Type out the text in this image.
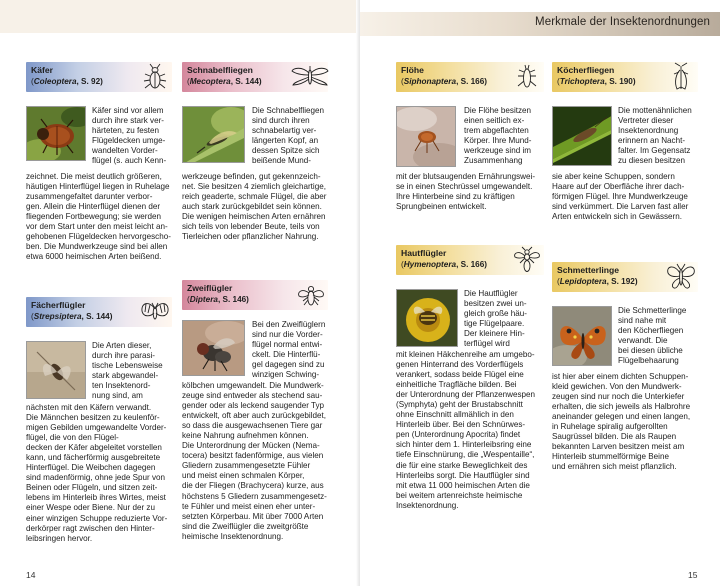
Käfer
(Coleoptera, S. 92)
Käfer sind vor allem
durch ihre stark ver-
härteten, zu festen
Flügeldecken umge-
wandelten Vorder-
flügel (s. auch Kenn-
zeichnet. Die meist deutlich größeren,
häutigen Hinterflügel liegen in Ruhelage
zusammengefaltet darunter verbor-
gen. Allein die Hinterflügel dienen der
fliegenden Fortbewegung; sie werden
vor dem Start unter den meist leicht an-
gehobenen Flügeldecken hervorgescho-
ben. Die Mundwerkzeuge sind bei allen
etwa 6000 heimischen Arten beißend.
Fächerflügler
(Strepsiptera, S. 144)
Die Arten dieser,
durch ihre parasi-
tische Lebensweise
stark abgewandel-
ten Insektenord-
nung sind, am
nächsten mit den Käfern verwandt.
Die Männchen besitzen zu keulenför-
migen Gebilden umgewandelte Vorder-
flügel, die von den Flügel-
decken der Käfer abgeleitet vorstellen
kann, und fächerförmig ausgebreitete
Hinterflügel. Die Weibchen dagegen
sind madenförmig, ohne jede Spur von
Beinen oder Flügeln, und sitzen zeit-
lebens im Hinterleib ihres Wirtes, meist
einer Wespe oder Biene. Nur der zu
einer winzigen Schuppe reduzierte Vor-
derkörper ragt zwischen den Hinter-
leibsringen hervor.
Schnabelfliegen
(Mecoptera, S. 144)
Die Schnabelfliegen
sind durch ihren
schnabelartig ver-
längerten Kopf, an
dessen Spitze sich
beißende Mund-
werkzeuge befinden, gut gekennzeich-
net. Sie besitzen 4 ziemlich gleichartige,
reich geaderte, schmale Flügel, die aber
auch stark zurückgebildet sein können.
Die wenigen heimischen Arten ernähren
sich teils von lebender Beute, teils von
Tierleichen oder pflanzlicher Nahrung.
Zweiflügler
(Diptera, S. 146)
Bei den Zweiflüglern
sind nur die Vorder-
flügel normal entwi-
ckelt. Die Hinterflü-
gel dagegen sind zu
winzigen Schwing-
kölbchen umgewandelt. Die Mundwerk-
zeuge sind entweder als stechend sau-
gender oder als leckend saugender Typ
entwickelt, oft aber auch zurückgebildet,
so dass die ausgewachsenen Tiere gar
keine Nahrung aufnehmen können.
Die Unterordnung der Mücken (Nema-
tocera) besitzt fadenförmige, aus vielen
Gliedern zusammengesetzte Fühler
und meist einen schmalen Körper,
die der Fliegen (Brachycera) kurze, aus
höchstens 5 Gliedern zusammengesetz-
te Fühler und meist einen eher unter-
setzten Körperbau. Mit über 7000 Arten
sind die Zweiflügler die zweitgrößte
heimische Insektenordnung.
14
Merkmale der Insektenordnungen
Flöhe
(Siphonaptera, S. 166)
Die Flöhe besitzen
einen seitlich ex-
trem abgeflachten
Körper. Ihre Mund-
werkzeuge sind im
Zusammenhang
mit der blutsaugenden Ernährungswei-
se in einen Stechrüssel umgewandelt.
Ihre Hinterbeine sind zu kräftigen
Sprungbeinen entwickelt.
Hautflügler
(Hymenoptera, S. 166)
Die Hautflügler
besitzen zwei un-
gleich große häu-
tige Flügelpaare.
Der kleinere Hin-
terflügel wird
mit kleinen Häkchenreihe am umgebo-
genen Hinterrand des Vorderflügels
verankert, sodass beide Flügel eine
einheitliche Tragfläche bilden. Bei
der Unterordnung der Pflanzenwespen
(Symphyta) geht der Brustabschnitt
ohne Einschnitt allmählich in den
Hinterleib über. Bei den Schnürwes-
pen (Unterordnung Apocrita) findet
sich hinter dem 1. Hinterleibsring eine
tiefe Einschnürung, die „Wespentaille“,
die für eine starke Beweglichkeit des
Hinterleibs sorgt. Die Hautflügler sind
mit etwa 11 000 heimischen Arten die
bei weitem artenreichste heimische
Insektenordnung.
Köcherfliegen
(Trichoptera, S. 190)
Die mottenähnlichen
Vertreter dieser
Insektenordnung
erinnern an Nacht-
falter. Im Gegensatz
zu diesen besitzen
sie aber keine Schuppen, sondern
Haare auf der Oberfläche ihrer dach-
förmigen Flügel. Ihre Mundwerkzeuge
sind verkümmert. Die Larven fast aller
Arten entwickeln sich in Gewässern.
Schmetterlinge
(Lepidoptera, S. 192)
Die Schmetterlinge
sind nahe mit
den Köcherfliegen
verwandt. Die
bei diesen übliche
Flügelbehaarung
ist hier aber einem dichten Schuppen-
kleid gewichen. Von den Mundwerk-
zeugen sind nur noch die Unterkiefer
erhalten, die sich jeweils als Halbrohre
aneinander gelegen und einen langen,
in Ruhelage spiralig aufgerollten
Saugrüssel bilden. Die als Raupen
bekannten Larven besitzen meist am
Hinterleib stummelförmige Beine
und ernähren sich meist pflanzlich.
15
